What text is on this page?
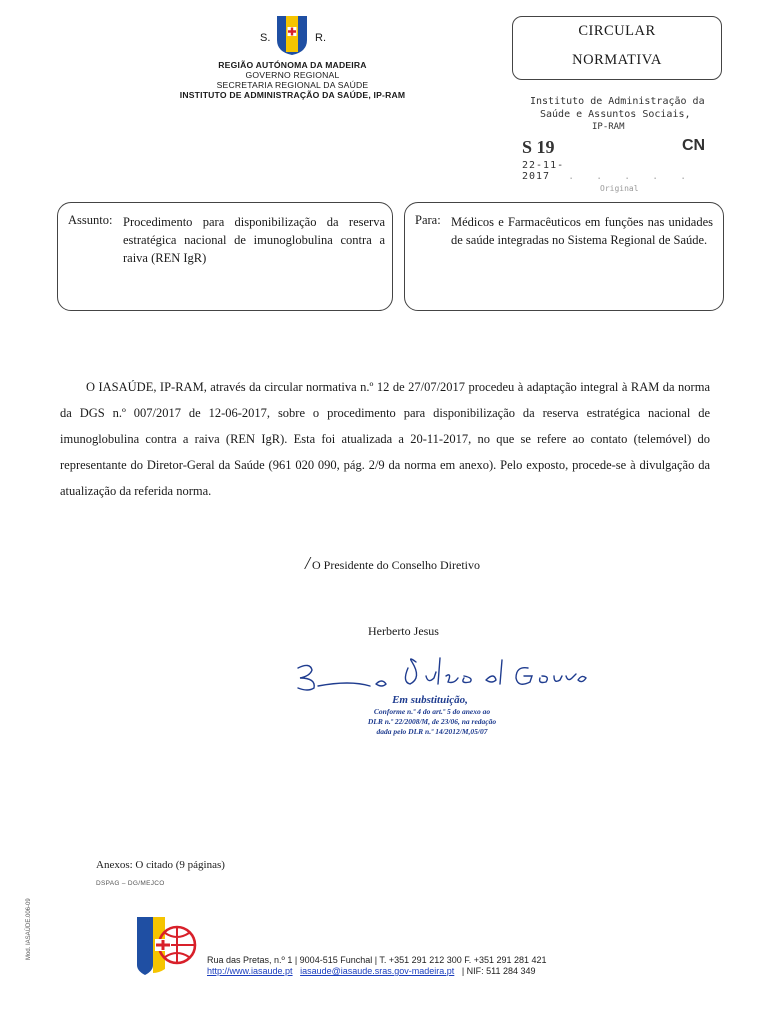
S.	R.
REGIÃO AUTÓNOMA DA MADEIRA
GOVERNO REGIONAL
SECRETARIA REGIONAL DA SAÚDE
INSTITUTO DE ADMINISTRAÇÃO DA SAÚDE, IP-RAM
CIRCULAR
NORMATIVA
Instituto de Administração da
Saúde e Assuntos Sociais,
IP-RAM
S 19	CN
22-11-2017 .....
Original
Assunto: Procedimento para disponibilização da reserva estratégica nacional de imunoglobulina contra a raiva (REN IgR)
Para: Médicos e Farmacêuticos em funções nas unidades de saúde integradas no Sistema Regional de Saúde.
O IASAÚDE, IP-RAM, através da circular normativa n.º 12 de 27/07/2017 procedeu à adaptação integral à RAM da norma da DGS n.º 007/2017 de 12-06-2017, sobre o procedimento para disponibilização da reserva estratégica nacional de imunoglobulina contra a raiva (REN IgR). Esta foi atualizada a 20-11-2017, no que se refere ao contato (telemóvel) do representante do Diretor-Geral da Saúde (961 020 090, pág. 2/9 da norma em anexo). Pelo exposto, procede-se à divulgação da atualização da referida norma.
/ O Presidente do Conselho Diretivo
Herberto Jesus
Em substituição,
Conforme n.º 4 do art.º 5 do anexo ao
DLR n.º 22/2008/M, de 23/06, na redação
dada pelo DLR n.º 14/2012/M,05/07
Anexos: O citado (9 páginas)
DSPAG – DG/MEJCO
Mod. IASAÚDE.006-09	Rua das Pretas, n.º 1 | 9004-515 Funchal | T. +351 291 212 300 F. +351 291 281 421
http://www.iasaude.pt iasaude@iasaude.sras.gov-madeira.pt | NIF: 511 284 349
